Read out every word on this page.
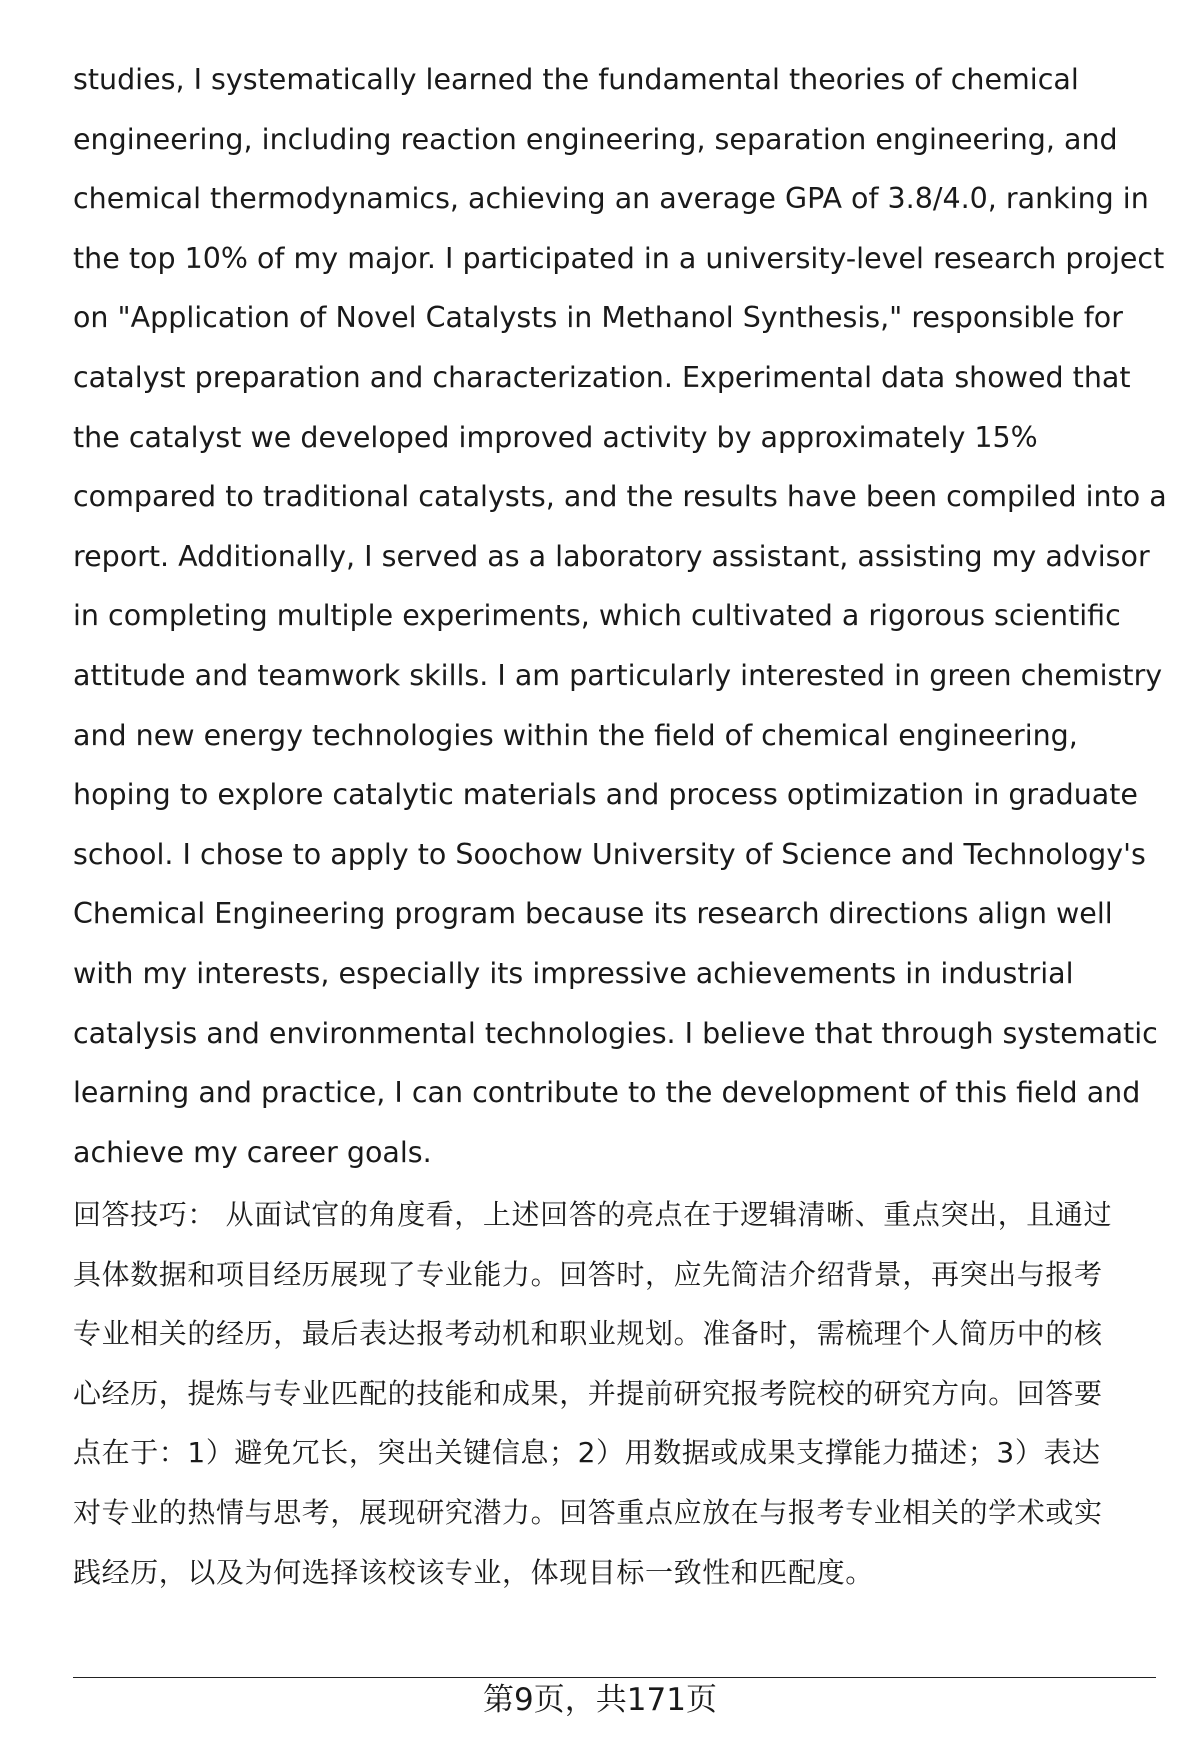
studies, I systematically learned the fundamental theories of chemical
engineering, including reaction engineering, separation engineering, and
chemical thermodynamics, achieving an average GPA of 3.8/4.0, ranking in
the top 10% of my major. I participated in a university-level research project
on "Application of Novel Catalysts in Methanol Synthesis," responsible for
catalyst preparation and characterization. Experimental data showed that
the catalyst we developed improved activity by approximately 15%
compared to traditional catalysts, and the results have been compiled into a
report. Additionally, I served as a laboratory assistant, assisting my advisor
in completing multiple experiments, which cultivated a rigorous scientific
attitude and teamwork skills. I am particularly interested in green chemistry
and new energy technologies within the field of chemical engineering,
hoping to explore catalytic materials and process optimization in graduate
school. I chose to apply to Soochow University of Science and Technology's
Chemical Engineering program because its research directions align well
with my interests, especially its impressive achievements in industrial
catalysis and environmental technologies. I believe that through systematic
learning and practice, I can contribute to the development of this field and
achieve my career goals.
回答技巧： 从面试官的角度看，上述回答的亮点在于逻辑清晰、重点突出，且通过
具体数据和项目经历展现了专业能力。回答时，应先简洁介绍背景，再突出与报考
专业相关的经历，最后表达报考动机和职业规划。准备时，需梳理个人简历中的核
心经历，提炼与专业匹配的技能和成果，并提前研究报考院校的研究方向。回答要
点在于：1）避免冗长，突出关键信息；2）用数据或成果支撑能力描述；3）表达
对专业的热情与思考，展现研究潜力。回答重点应放在与报考专业相关的学术或实
践经历，以及为何选择该校该专业，体现目标一致性和匹配度。
第9页，共171页
